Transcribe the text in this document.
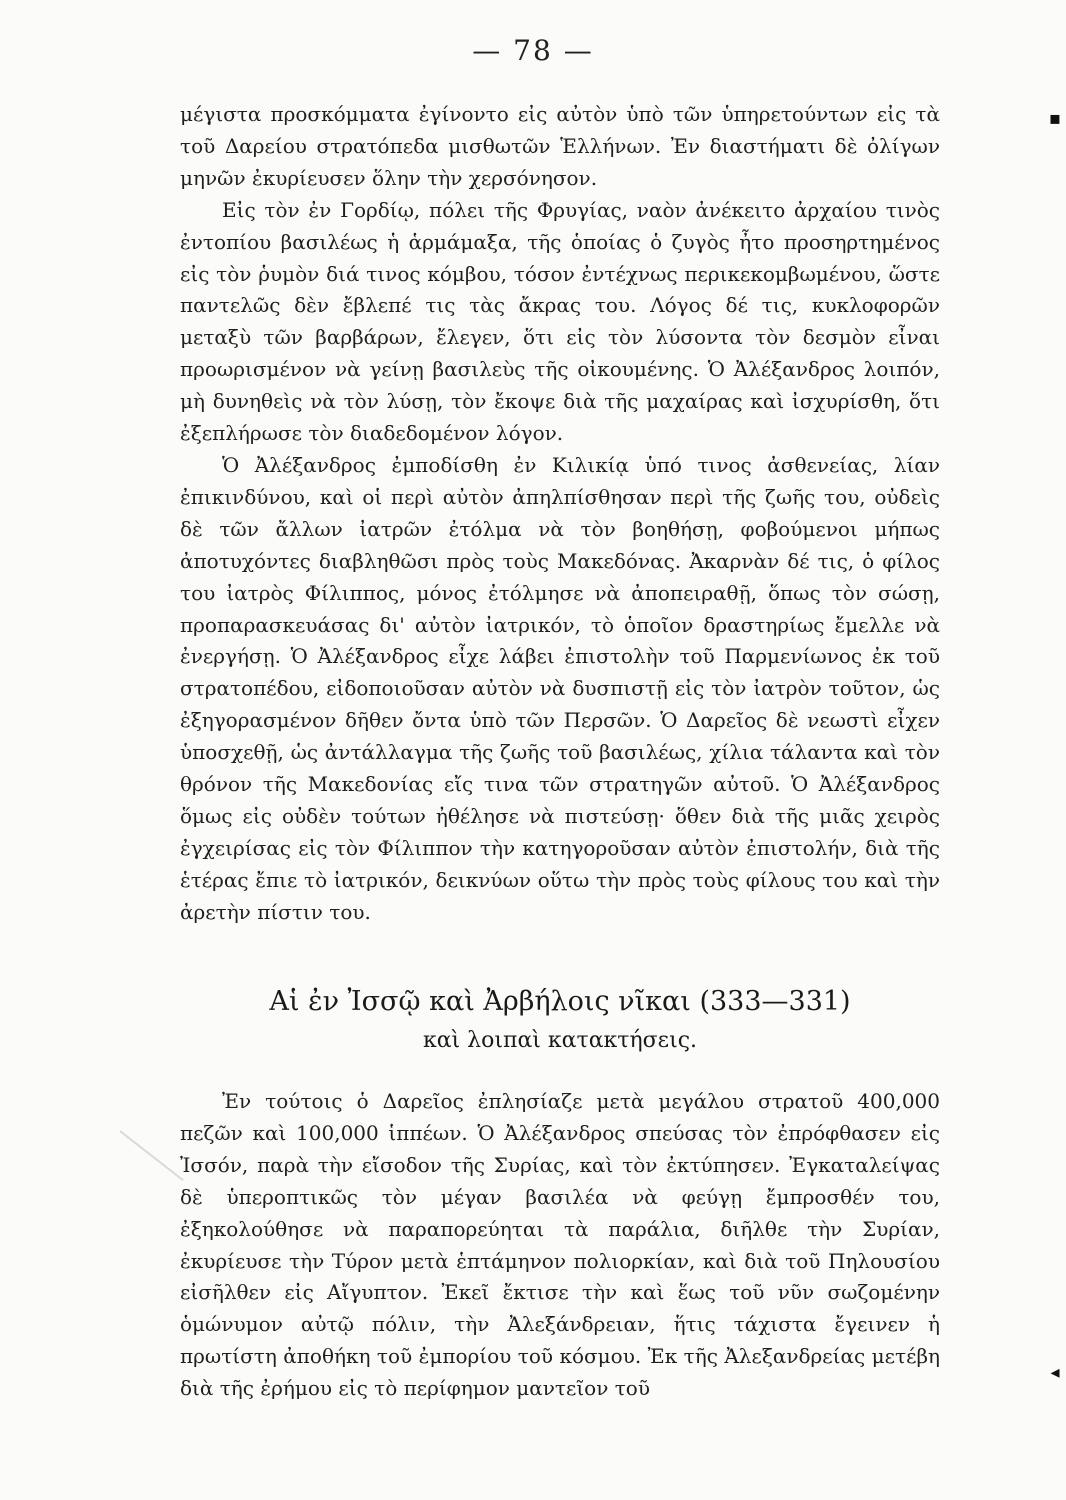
— 78 —

μέγιστα προσκόμματα ἐγίνοντο εἰς αὐτὸν ὑπὸ τῶν ὑπηρετούντων εἰς τὰ τοῦ Δαρείου στρατόπεδα μισθωτῶν Ἑλλήνων. Ἐν διαστήματι δὲ ὀλίγων μηνῶν ἐκυρίευσεν ὅλην τὴν χερσόνησον.

Εἰς τὸν ἐν Γορδίῳ, πόλει τῆς Φρυγίας, ναὸν ἀνέκειτο ἀρχαίου τινὸς ἐντοπίου βασιλέως ἡ ἁρμάμαξα, τῆς ὁποίας ὁ ζυγὸς ἦτο προσηρτημένος εἰς τὸν ῥυμὸν διά τινος κόμβου, τόσον ἐντέχνως περικεκομβωμένου, ὥστε παντελῶς δὲν ἔβλεπέ τις τὰς ἄκρας του. Λόγος δέ τις, κυκλοφορῶν μεταξὺ τῶν βαρβάρων, ἔλεγεν, ὅτι εἰς τὸν λύσοντα τὸν δεσμὸν εἶναι προωρισμένον νὰ γείνῃ βασιλεὺς τῆς οἰκουμένης. Ὁ Ἀλέξανδρος λοιπόν, μὴ δυνηθεὶς νὰ τὸν λύσῃ, τὸν ἔκοψε διὰ τῆς μαχαίρας καὶ ἰσχυρίσθη, ὅτι ἐξεπλήρωσε τὸν διαδεδομένον λόγον.

Ὁ Ἀλέξανδρος ἐμποδίσθη ἐν Κιλικίᾳ ὑπό τινος ἀσθενείας, λίαν ἐπικινδύνου, καὶ οἱ περὶ αὐτὸν ἀπηλπίσθησαν περὶ τῆς ζωῆς του, οὐδεὶς δὲ τῶν ἄλλων ἰατρῶν ἐτόλμα νὰ τὸν βοηθήσῃ, φοβούμενοι μήπως ἀποτυχόντες διαβληθῶσι πρὸς τοὺς Μακεδόνας. Ἀκαρνὰν δέ τις, ὁ φίλος του ἰατρὸς Φίλιππος, μόνος ἐτόλμησε νὰ ἀποπειραθῇ, ὅπως τὸν σώσῃ, προπαρασκευάσας δι' αὐτὸν ἰατρικόν, τὸ ὁποῖον δραστηρίως ἔμελλε νὰ ἐνεργήσῃ. Ὁ Ἀλέξανδρος εἶχε λάβει ἐπιστολὴν τοῦ Παρμενίωνος ἐκ τοῦ στρατοπέδου, εἰδοποιοῦσαν αὐτὸν νὰ δυσπιστῇ εἰς τὸν ἰατρὸν τοῦτον, ὡς ἐξηγορασμένον δῆθεν ὄντα ὑπὸ τῶν Περσῶν. Ὁ Δαρεῖος δὲ νεωστὶ εἶχεν ὑποσχεθῇ, ὡς ἀντάλλαγμα τῆς ζωῆς τοῦ βασιλέως, χίλια τάλαντα καὶ τὸν θρόνον τῆς Μακεδονίας εἴς τινα τῶν στρατηγῶν αὐτοῦ. Ὁ Ἀλέξανδρος ὅμως εἰς οὐδὲν τούτων ἠθέλησε νὰ πιστεύσῃ· ὅθεν διὰ τῆς μιᾶς χειρὸς ἐγχειρίσας εἰς τὸν Φίλιππον τὴν κατηγοροῦσαν αὐτὸν ἐπιστολήν, διὰ τῆς ἑτέρας ἔπιε τὸ ἰατρικόν, δεικνύων οὕτω τὴν πρὸς τοὺς φίλους του καὶ τὴν ἀρετὴν πίστιν του.

Αἱ ἐν Ἰσσῷ καὶ Ἀρβήλοις νῖκαι (333—331)
καὶ λοιπαὶ κατακτήσεις.

Ἐν τούτοις ὁ Δαρεῖος ἐπλησίαζε μετὰ μεγάλου στρατοῦ 400,000 πεζῶν καὶ 100,000 ἱππέων. Ὁ Ἀλέξανδρος σπεύσας τὸν ἐπρόφθασεν εἰς Ἰσσόν, παρὰ τὴν εἴσοδον τῆς Συρίας, καὶ τὸν ἐκτύπησεν. Ἐγκαταλείψας δὲ ὑπεροπτικῶς τὸν μέγαν βασιλέα νὰ φεύγῃ ἔμπροσθέν του, ἐξηκολούθησε νὰ παραπορεύηται τὰ παράλια, διῆλθε τὴν Συρίαν, ἐκυρίευσε τὴν Τύρον μετὰ ἑπτάμηνον πολιορκίαν, καὶ διὰ τοῦ Πηλουσίου εἰσῆλθεν εἰς Αἴγυπτον. Ἐκεῖ ἔκτισε τὴν καὶ ἕως τοῦ νῦν σωζομένην ὁμώνυμον αὐτῷ πόλιν, τὴν Ἀλεξάνδρειαν, ἥτις τάχιστα ἔγεινεν ἡ πρωτίστη ἀποθήκη τοῦ ἐμπορίου τοῦ κόσμου. Ἐκ τῆς Ἀλεξανδρείας μετέβη διὰ τῆς ἐρήμου εἰς τὸ περίφημον μαντεῖον τοῦ

▪
◂
